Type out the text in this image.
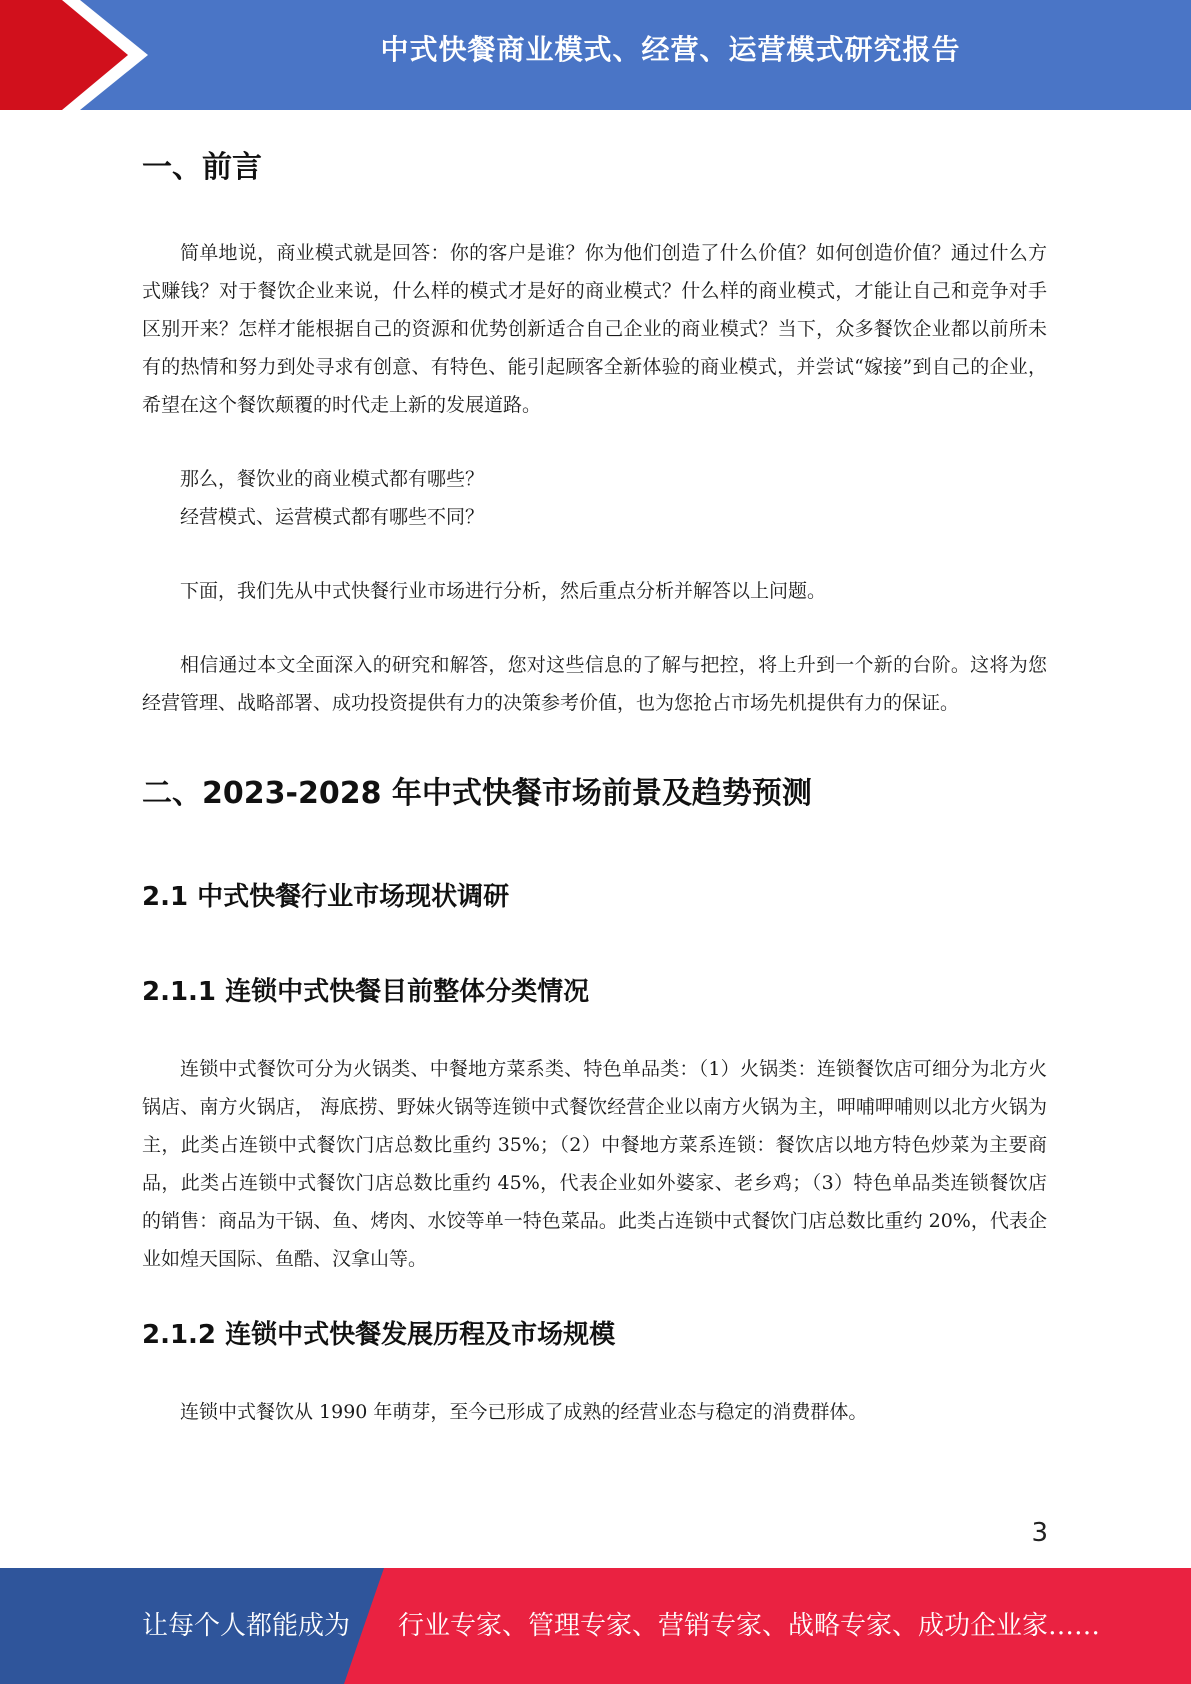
中式快餐商业模式、经营、运营模式研究报告
一、前言

简单地说，商业模式就是回答：你的客户是谁？你为他们创造了什么价值？如何创造价值？通过什么方式赚钱？对于餐饮企业来说，什么样的模式才是好的商业模式？什么样的商业模式，才能让自己和竞争对手区别开来？怎样才能根据自己的资源和优势创新适合自己企业的商业模式？当下，众多餐饮企业都以前所未有的热情和努力到处寻求有创意、有特色、能引起顾客全新体验的商业模式，并尝试“嫁接”到自己的企业，希望在这个餐饮颠覆的时代走上新的发展道路。

那么，餐饮业的商业模式都有哪些？

经营模式、运营模式都有哪些不同？

下面，我们先从中式快餐行业市场进行分析，然后重点分析并解答以上问题。

相信通过本文全面深入的研究和解答，您对这些信息的了解与把控，将上升到一个新的台阶。这将为您经营管理、战略部署、成功投资提供有力的决策参考价值，也为您抢占市场先机提供有力的保证。

二、2023-2028 年中式快餐市场前景及趋势预测
2.1 中式快餐行业市场现状调研
2.1.1 连锁中式快餐目前整体分类情况

连锁中式餐饮可分为火锅类、中餐地方菜系类、特色单品类：（1）火锅类：连锁餐饮店可细分为北方火锅店、南方火锅店， 海底捞、野妹火锅等连锁中式餐饮经营企业以南方火锅为主，呷哺呷哺则以北方火锅为主，此类占连锁中式餐饮门店总数比重约 35%；（2）中餐地方菜系连锁：餐饮店以地方特色炒菜为主要商品，此类占连锁中式餐饮门店总数比重约 45%，代表企业如外婆家、老乡鸡；（3）特色单品类连锁餐饮店的销售：商品为干锅、鱼、烤肉、水饺等单一特色菜品。此类占连锁中式餐饮门店总数比重约 20%，代表企业如煌天国际、鱼酷、汉拿山等。

2.1.2 连锁中式快餐发展历程及市场规模

连锁中式餐饮从 1990 年萌芽，至今已形成了成熟的经营业态与稳定的消费群体。

3
让每个人都能成为 行业专家、管理专家、营销专家、战略专家、成功企业家……
